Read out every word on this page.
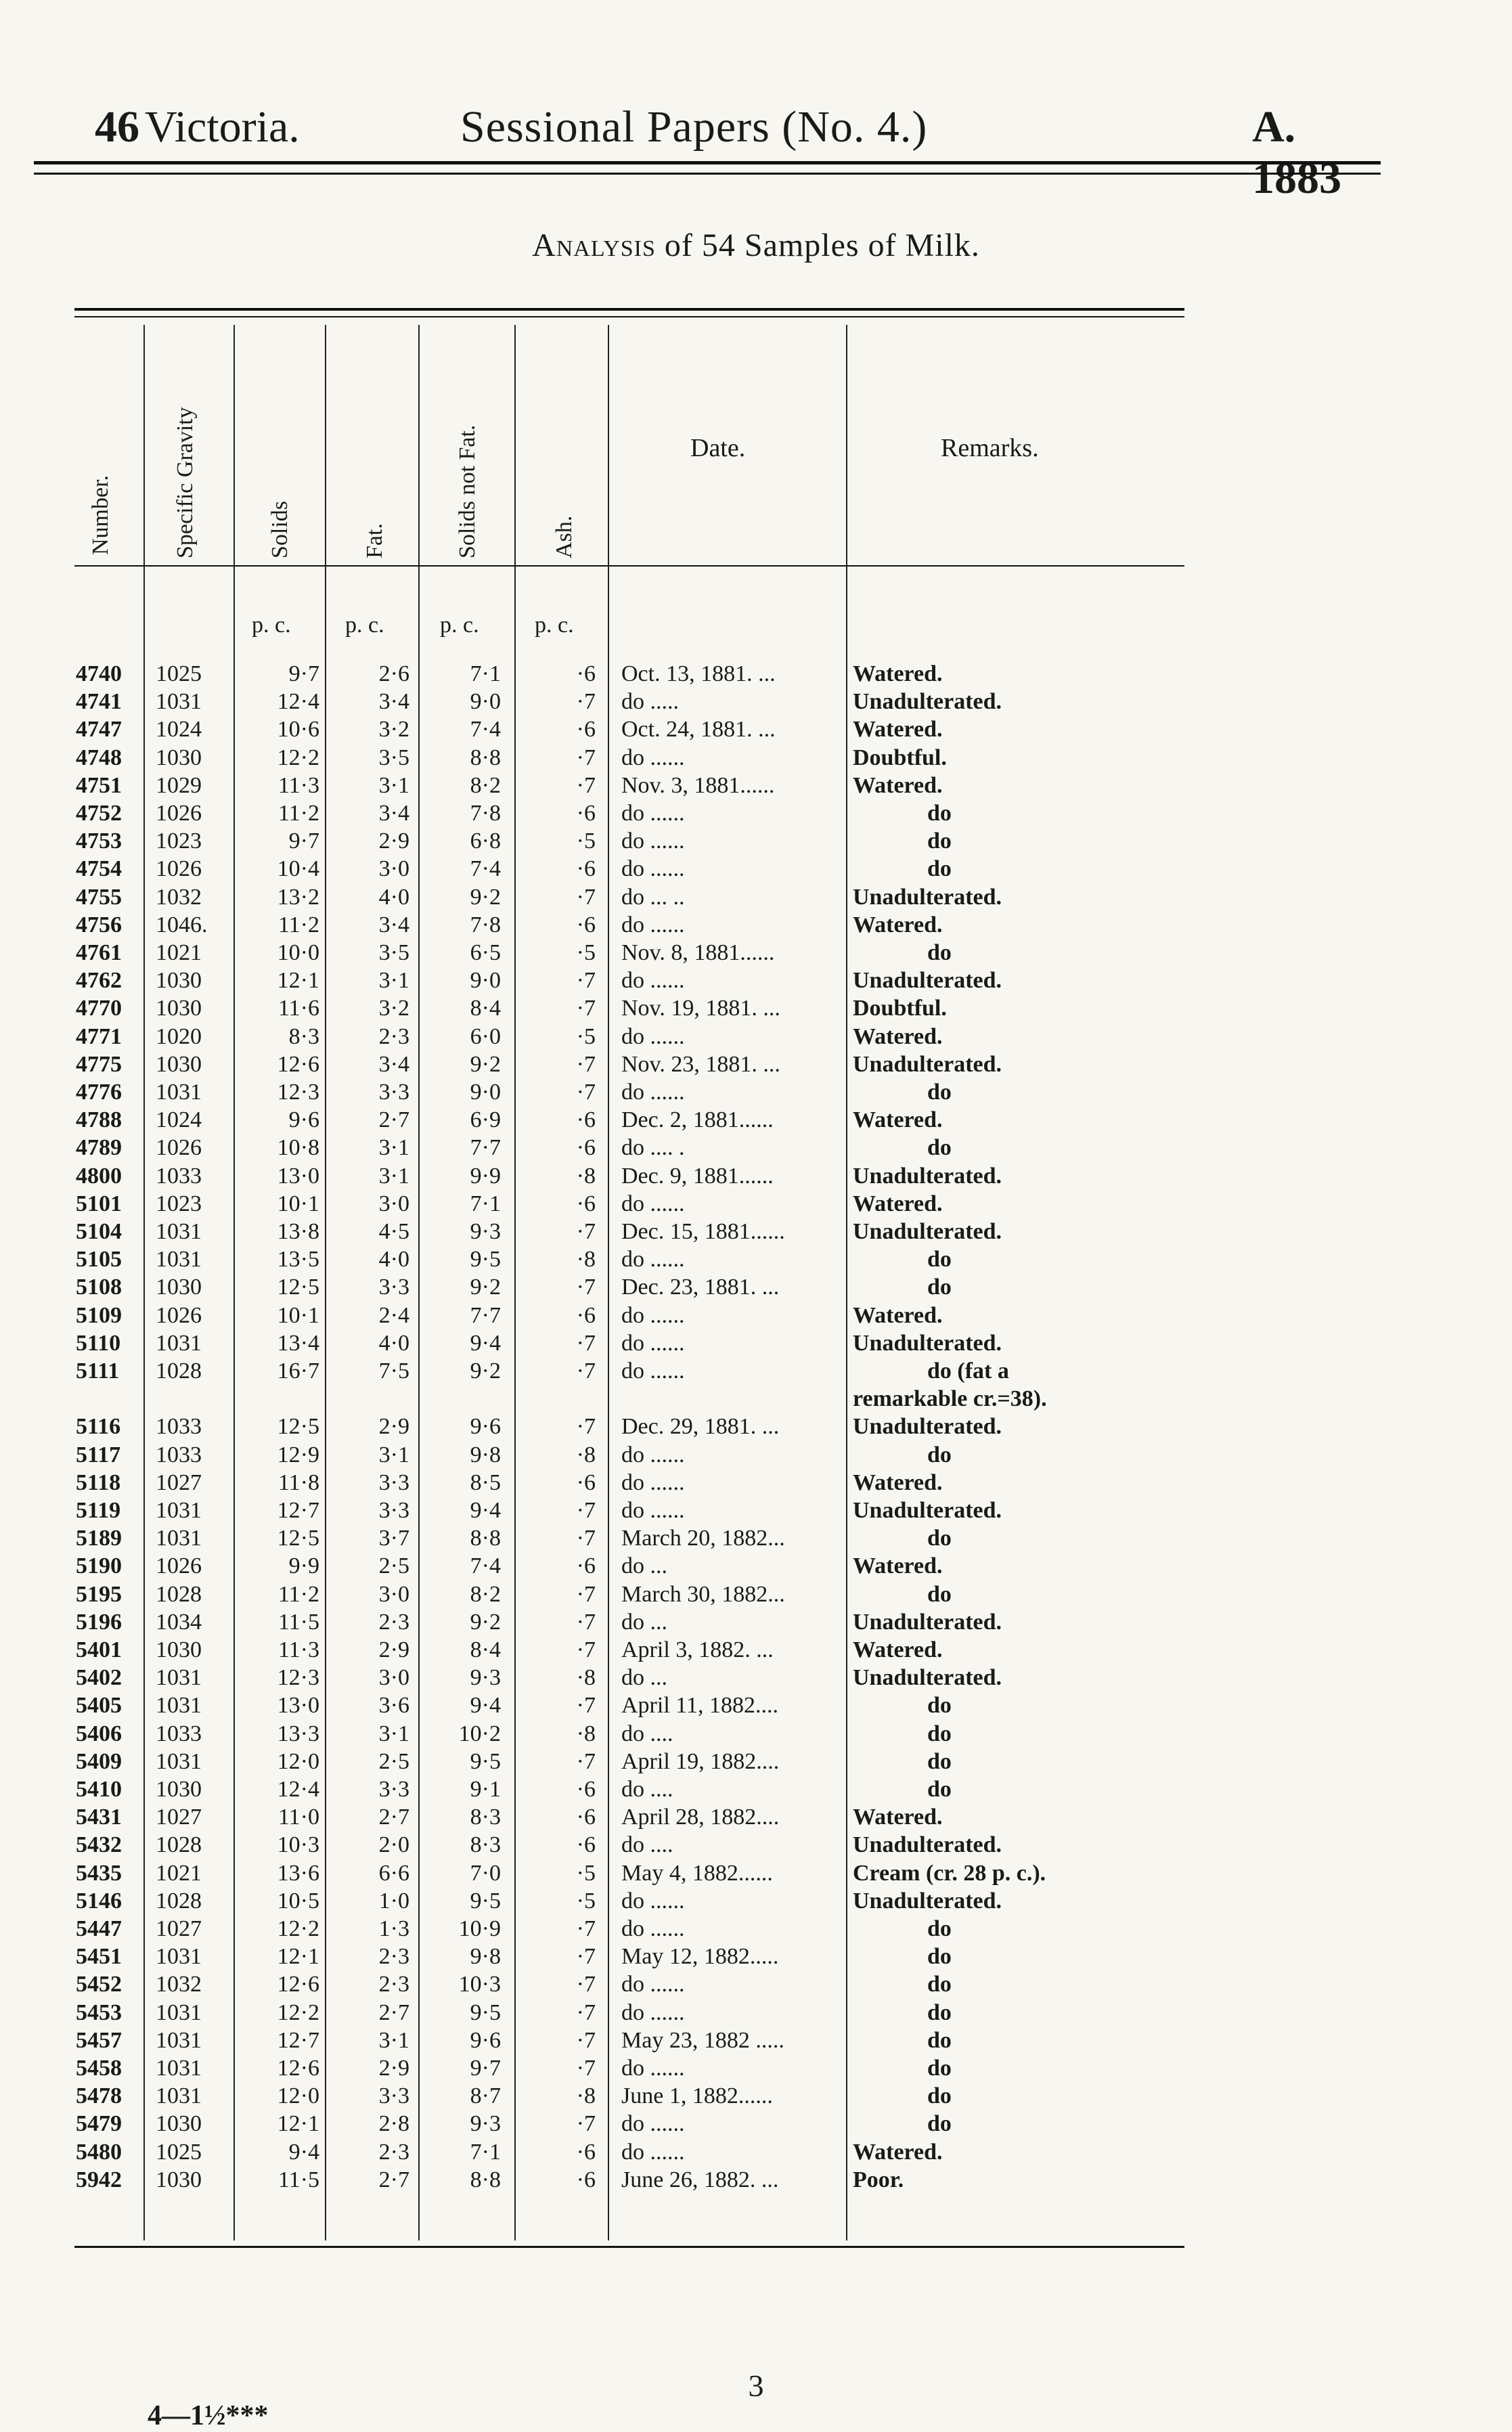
46 Victoria.	Sessional Papers (No. 4.)	A. 1883
Analysis of 54 Samples of Milk.
Number.	Specific Gravity	Solids	Fat.	Solids not Fat.	Ash.
Date.	Remarks.
p. c. p. c. p. c. p. c.
4740	1025	9·7	2·6	7·1	·6 Oct. 13, 1881. ...	Watered.
4741	1031	12·4	3·4	9·0	·7 do .....	Unadulterated.
4747	1024	10·6	3·2	7·4	·6 Oct. 24, 1881. ...	Watered.
4748	1030	12·2	3·5	8·8	·7 do ......	Doubtful.
4751	1029	11·3	3·1	8·2	·7 Nov. 3, 1881......	Watered.
4752	1026	11·2	3·4	7·8	·6 do ......	do
4753	1023	9·7	2·9	6·8	·5 do ......	do
4754	1026	10·4	3·0	7·4	·6 do ......	do
4755	1032	13·2	4·0	9·2	·7 do ... ..	Unadulterated.
4756	1046.	11·2	3·4	7·8	·6 do ......	Watered.
4761	1021	10·0	3·5	6·5	·5 Nov. 8, 1881......	do
4762	1030	12·1	3·1	9·0	·7 do ......	Unadulterated.
4770	1030	11·6	3·2	8·4	·7 Nov. 19, 1881. ...	Doubtful.
4771	1020	8·3	2·3	6·0	·5 do ......	Watered.
4775	1030	12·6	3·4	9·2	·7 Nov. 23, 1881. ...	Unadulterated.
4776	1031	12·3	3·3	9·0	·7 do ......	do
4788	1024	9·6	2·7	6·9	·6 Dec. 2, 1881......	Watered.
4789	1026	10·8	3·1	7·7	·6 do .... .	do
4800	1033	13·0	3·1	9·9	·8 Dec. 9, 1881......	Unadulterated.
5101	1023	10·1	3·0	7·1	·6 do ......	Watered.
5104	1031	13·8	4·5	9·3	·7 Dec. 15, 1881......	Unadulterated.
5105	1031	13·5	4·0	9·5	·8 do ......	do
5108	1030	12·5	3·3	9·2	·7 Dec. 23, 1881. ...	do
5109	1026	10·1	2·4	7·7	·6 do ......	Watered.
5110	1031	13·4	4·0	9·4	·7 do ......	Unadulterated.
5111	1028	16·7	7·5	9·2	·7 do ......	do (fat a
remarkable cr.=38).
5116	1033	12·5	2·9	9·6	·7 Dec. 29, 1881. ...	Unadulterated.
5117	1033	12·9	3·1	9·8	·8 do ......	do
5118	1027	11·8	3·3	8·5	·6 do ......	Watered.
5119	1031	12·7	3·3	9·4	·7 do ......	Unadulterated.
5189	1031	12·5	3·7	8·8	·7 March 20, 1882...	do
5190	1026	9·9	2·5	7·4	·6 do ...	Watered.
5195	1028	11·2	3·0	8·2	·7 March 30, 1882...	do
5196	1034	11·5	2·3	9·2	·7 do ...	Unadulterated.
5401	1030	11·3	2·9	8·4	·7 April 3, 1882. ...	Watered.
5402	1031	12·3	3·0	9·3	·8 do ...	Unadulterated.
5405	1031	13·0	3·6	9·4	·7 April 11, 1882....	do
5406	1033	13·3	3·1	10·2	·8 do ....	do
5409	1031	12·0	2·5	9·5	·7 April 19, 1882....	do
5410	1030	12·4	3·3	9·1	·6 do ....	do
5431	1027	11·0	2·7	8·3	·6 April 28, 1882....	Watered.
5432	1028	10·3	2·0	8·3	·6 do ....	Unadulterated.
5435	1021	13·6	6·6	7·0	·5 May 4, 1882......	Cream (cr. 28 p. c.).
5146	1028	10·5	1·0	9·5	·5 do ......	Unadulterated.
5447	1027	12·2	1·3	10·9	·7 do ......	do
5451	1031	12·1	2·3	9·8	·7 May 12, 1882.....	do
5452	1032	12·6	2·3	10·3	·7 do ......	do
5453	1031	12·2	2·7	9·5	·7 do ......	do
5457	1031	12·7	3·1	9·6	·7 May 23, 1882 .....	do
5458	1031	12·6	2·9	9·7	·7 do ......	do
5478	1031	12·0	3·3	8·7	·8 June 1, 1882......	do
5479	1030	12·1	2·8	9·3	·7 do ......	do
5480	1025	9·4	2·3	7·1	·6 do ......	Watered.
5942	1030	11·5	2·7	8·8	·6 June 26, 1882. ...	Poor.
3
4—1½***
